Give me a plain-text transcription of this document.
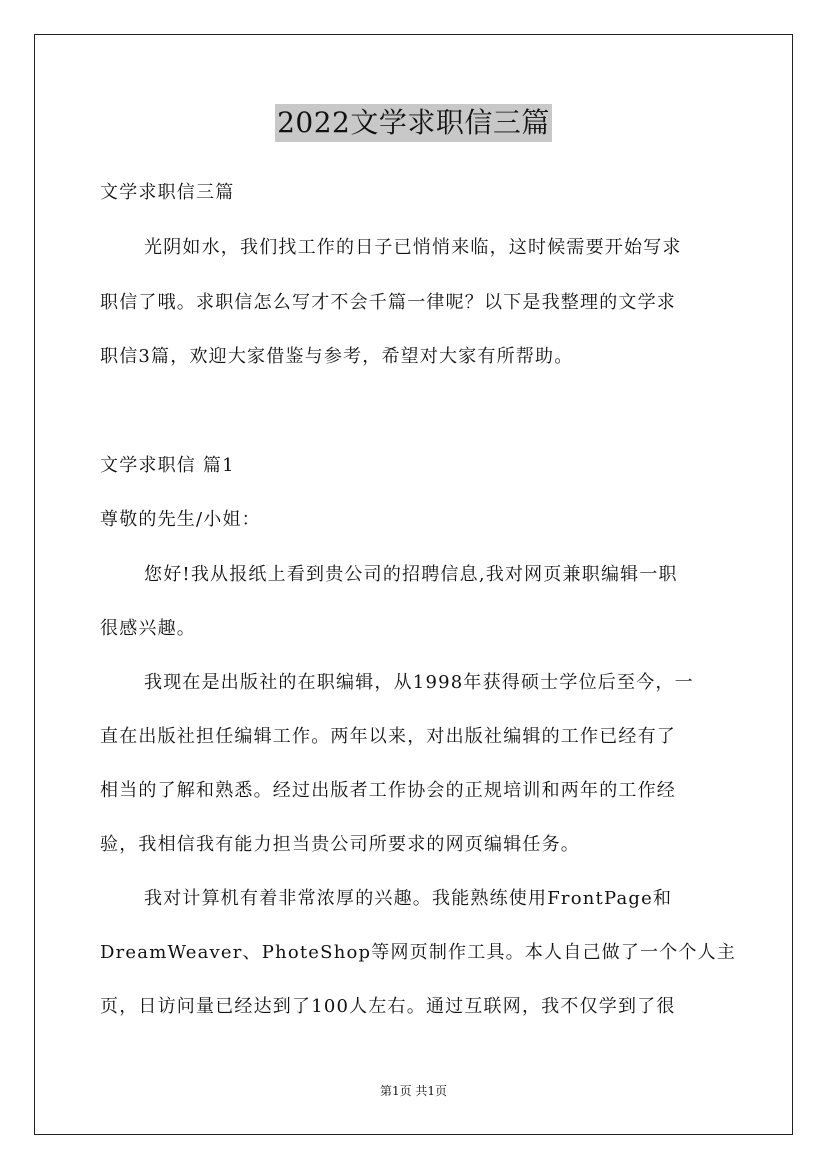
2022文学求职信三篇
文学求职信三篇
光阴如水，我们找工作的日子已悄悄来临，这时候需要开始写求
职信了哦。求职信怎么写才不会千篇一律呢？以下是我整理的文学求
职信3篇，欢迎大家借鉴与参考，希望对大家有所帮助。
文学求职信 篇1
尊敬的先生/小姐：
您好!我从报纸上看到贵公司的招聘信息,我对网页兼职编辑一职
很感兴趣。
我现在是出版社的在职编辑，从1998年获得硕士学位后至今，一
直在出版社担任编辑工作。两年以来，对出版社编辑的工作已经有了
相当的了解和熟悉。经过出版者工作协会的正规培训和两年的工作经
验，我相信我有能力担当贵公司所要求的网页编辑任务。
我对计算机有着非常浓厚的兴趣。我能熟练使用FrontPage和
DreamWeaver、PhoteShop等网页制作工具。本人自己做了一个个人主
页，日访问量已经达到了100人左右。通过互联网，我不仅学到了很
第1页 共1页
